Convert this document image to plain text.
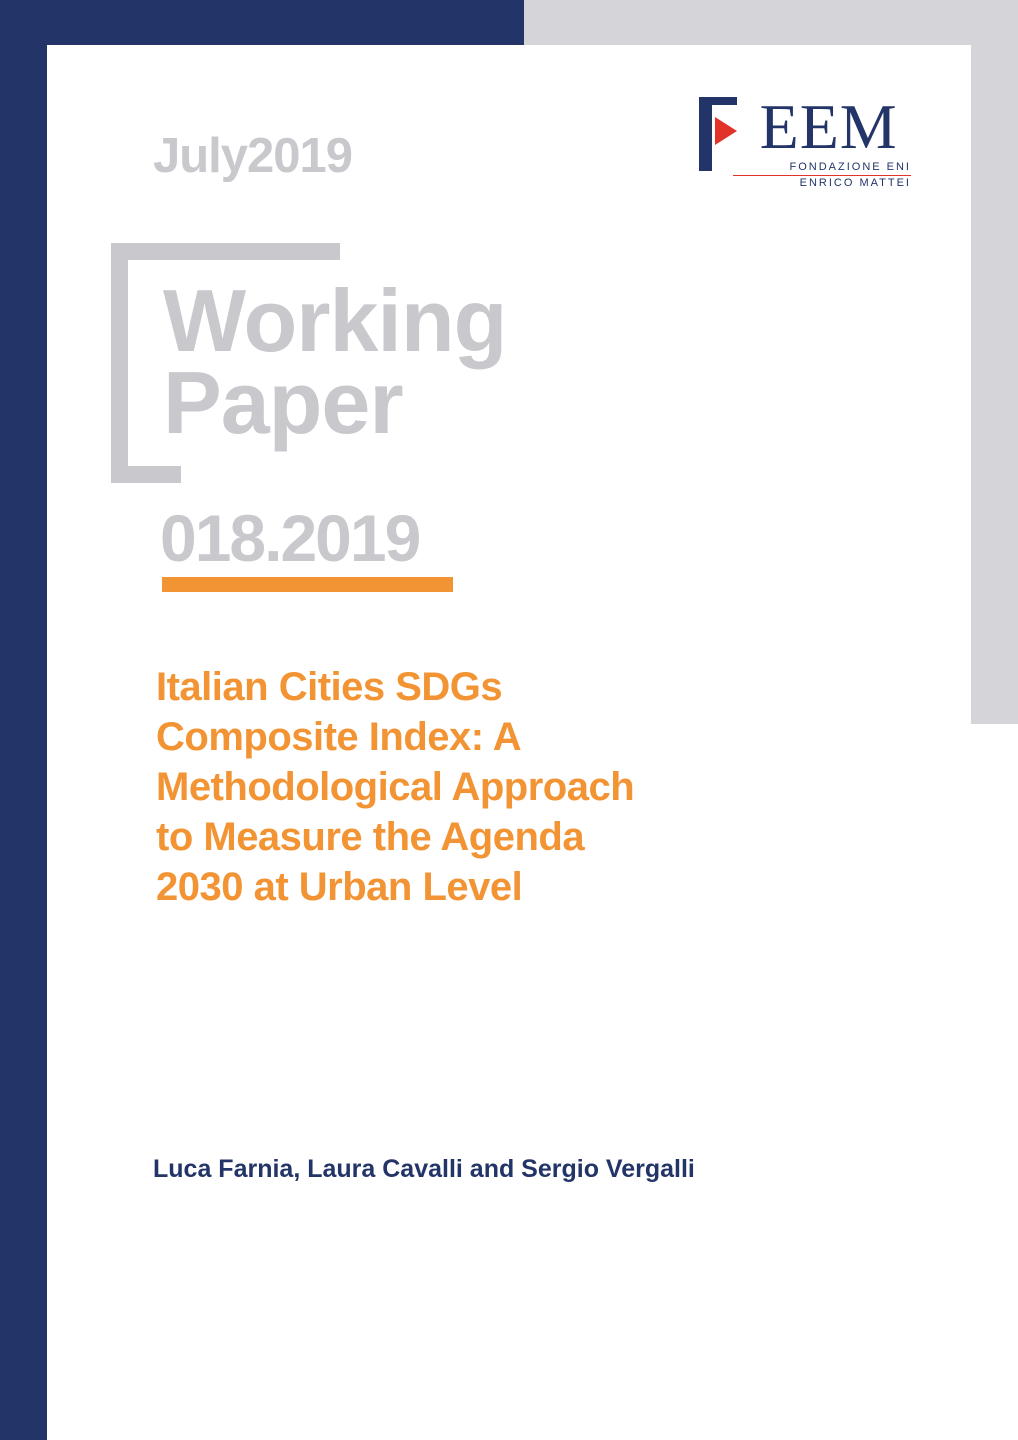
EEM
FONDAZIONE ENI
ENRICO MATTEI
July2019
Working
Paper
018.2019
Italian Cities SDGs
Composite Index: A
Methodological Approach
to Measure the Agenda
2030 at Urban Level
Luca Farnia, Laura Cavalli and Sergio Vergalli
